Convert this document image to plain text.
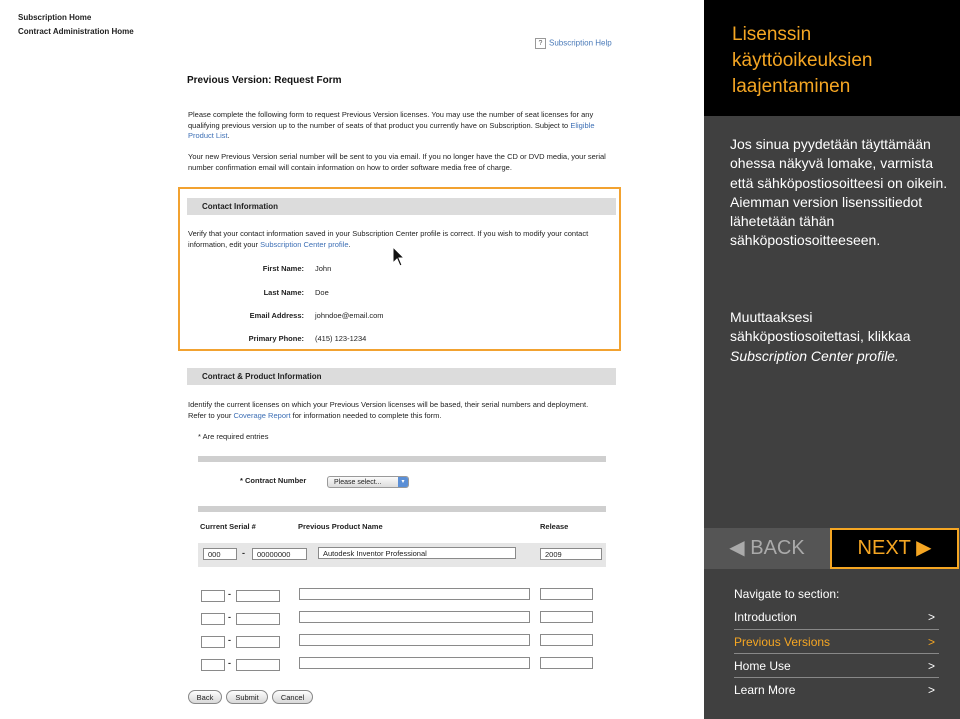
Subscription Home
Contract Administration Home
? Subscription Help
Previous Version: Request Form
Please complete the following form to request Previous Version licenses. You may use the number of seat licenses for any qualifying previous version up to the number of seats of that product you currently have on Subscription. Subject to Eligible Product List.
Your new Previous Version serial number will be sent to you via email. If you no longer have the CD or DVD media, your serial number confirmation email will contain information on how to order software media free of charge.
Contact Information
Verify that your contact information saved in your Subscription Center profile is correct. If you wish to modify your contact information, edit your Subscription Center profile.
First Name: John
Last Name: Doe
Email Address: johndoe@email.com
Primary Phone: (415) 123-1234
Contract & Product Information
Identify the current licenses on which your Previous Version licenses will be based, their serial numbers and deployment. Refer to your Coverage Report for information needed to complete this form.
* Are required entries
* Contract Number	Please select...	▾
Current Serial #	Previous Product Name	Release
000	-	00000000	Autodesk Inventor Professional	2009
-
-
-
-
Back	Submit	Cancel
Lisenssin käyttöoikeuksien laajentaminen
Jos sinua pyydetään täyttämään ohessa näkyvä lomake, varmista että sähköpostiosoitteesi on oikein. Aiemman version lisenssitiedot lähetetään tähän sähköpostiosoitteeseen.
Muuttaaksesi sähköpostiosoitettasi, klikkaa Subscription Center profile.
◀ BACK	NEXT ▶
Navigate to section:
Introduction	>
Previous Versions	>
Home Use	>
Learn More	>
